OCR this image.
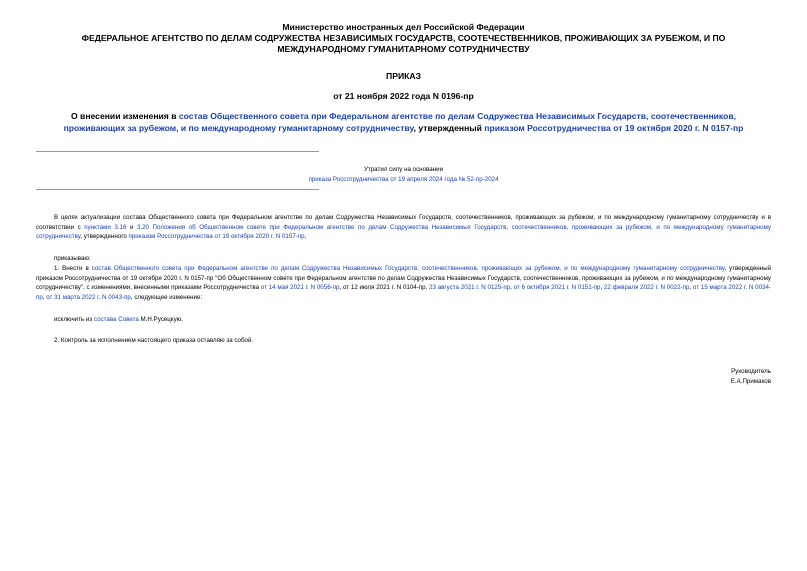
Министерство иностранных дел Российской Федерации
ФЕДЕРАЛЬНОЕ АГЕНТСТВО ПО ДЕЛАМ СОДРУЖЕСТВА НЕЗАВИСИМЫХ ГОСУДАРСТВ, СООТЕЧЕСТВЕННИКОВ, ПРОЖИВАЮЩИХ ЗА РУБЕЖОМ, И ПО МЕЖДУНАРОДНОМУ ГУМАНИТАРНОМУ СОТРУДНИЧЕСТВУ
ПРИКАЗ
от 21 ноября 2022 года N 0196-пр
О внесении изменения в состав Общественного совета при Федеральном агентстве по делам Содружества Независимых Государств, соотечественников, проживающих за рубежом, и по международному гуманитарному сотрудничеству, утвержденный приказом Россотрудничества от 19 октября 2020 г. N 0157-пр
Утратил силу на основании
приказа Россотрудничества от 19 апреля 2024 года № 52-пр-2024
В целях актуализации состава Общественного совета при Федеральном агентстве по делам Содружества Независимых Государств, соотечественников, проживающих за рубежом, и по международному гуманитарному сотрудничеству и в соответствии с пунктами 3.16 и 3.20 Положения об Общественном совете при Федеральном агентстве по делам Содружества Независимых Государств, соотечественников, проживающих за рубежом, и по международному гуманитарному сотрудничеству, утвержденного приказом Россотрудничества от 19 октября 2020 г. N 0157-пр,
приказываю:
1. Внести в состав Общественного совета при Федеральном агентстве по делам Содружества Независимых Государств, соотечественников, проживающих за рубежом, и по международному гуманитарному сотрудничеству, утвержденный приказом Россотрудничества от 19 октября 2020 г. N 0157-пр "Об Общественном совете при Федеральном агентстве по делам Содружества Независимых Государств, соотечественников, проживающих за рубежом, и по международному гуманитарному сотрудничеству", с изменениями, внесенными приказами Россотрудничества от 14 мая 2021 г. N 0056-пр, от 12 июля 2021 г. N 0104-пр, 23 августа 2021 г. N 0125-пр, от 6 октября 2021 г. N 0151-пр, 22 февраля 2022 г. N 0022-пр, от 15 марта 2022 г. N 0034-пр, от 31 марта 2022 г. N 0043-пр, следующее изменение:
исключить из состава Совета М.Н.Русецкую.
2. Контроль за исполнением настоящего приказа оставляю за собой.
Руководитель
Е.А.Примаков
